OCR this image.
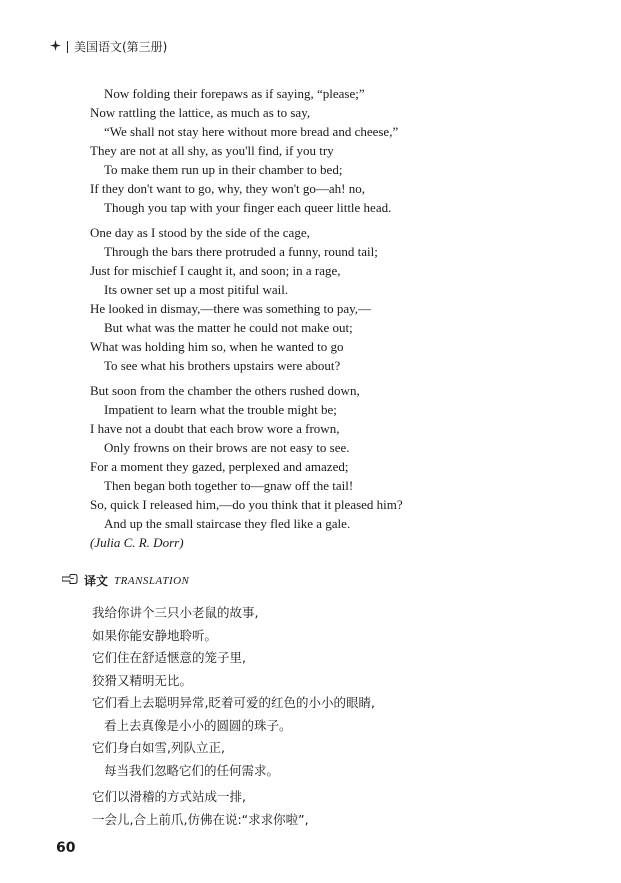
美国语文(第三册)
Now folding their forepaws as if saying, “please;”
Now rattling the lattice, as much as to say,
“We shall not stay here without more bread and cheese,”
They are not at all shy, as you'll find, if you try
To make them run up in their chamber to bed;
If they don't want to go, why, they won't go—ah! no,
Though you tap with your finger each queer little head.
One day as I stood by the side of the cage,
Through the bars there protruded a funny, round tail;
Just for mischief I caught it, and soon; in a rage,
Its owner set up a most pitiful wail.
He looked in dismay,—there was something to pay,—
But what was the matter he could not make out;
What was holding him so, when he wanted to go
To see what his brothers upstairs were about?
But soon from the chamber the others rushed down,
Impatient to learn what the trouble might be;
I have not a doubt that each brow wore a frown,
Only frowns on their brows are not easy to see.
For a moment they gazed, perplexed and amazed;
Then began both together to—gnaw off the tail!
So, quick I released him,—do you think that it pleased him?
And up the small staircase they fled like a gale.
(Julia C. R. Dorr)
译文 TRANSLATION
我给你讲个三只小老鼠的故事,
如果你能安静地聆听。
它们住在舒适惬意的笼子里,
狡猾又精明无比。
它们看上去聪明异常,眨着可爱的红色的小小的眼睛,
看上去真像是小小的圆圆的珠子。
它们身白如雪,列队立正,
每当我们忽略它们的任何需求。
它们以滑稽的方式站成一排,
一会儿,合上前爪,仿佛在说:“求求你啦”,
60
